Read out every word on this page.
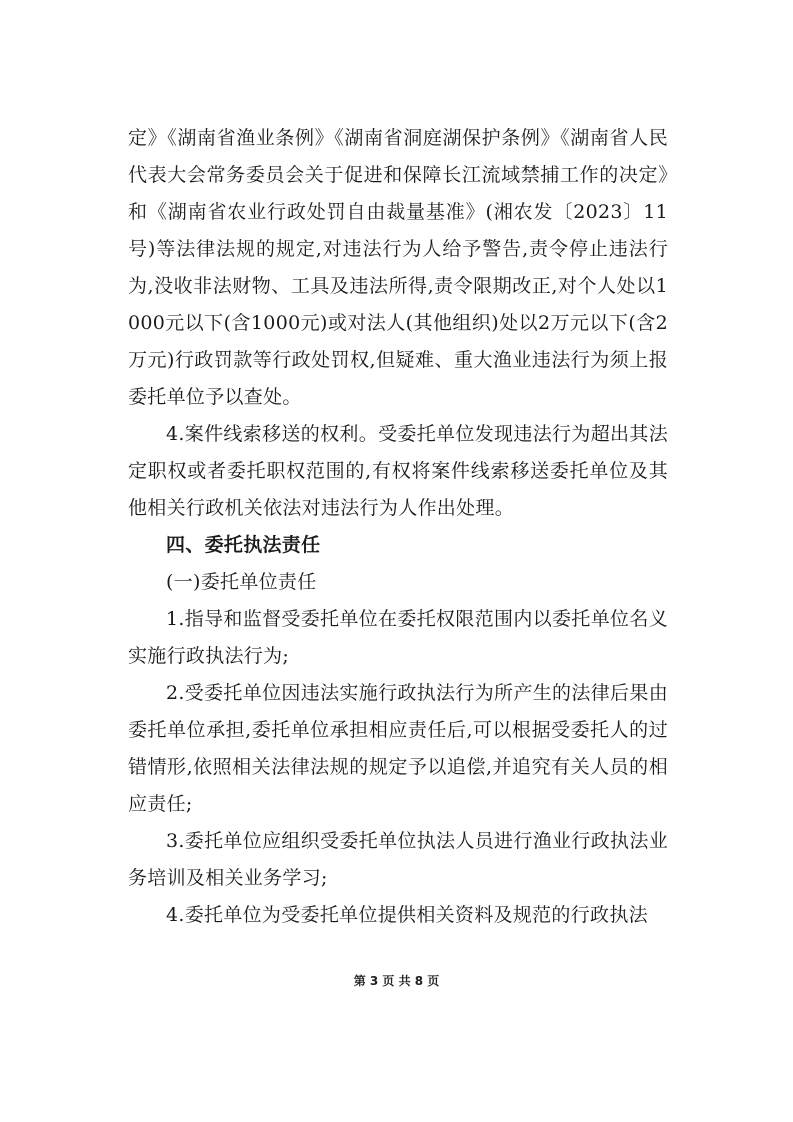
定》《湖南省渔业条例》《湖南省洞庭湖保护条例》《湖南省人民代表大会常务委员会关于促进和保障长江流域禁捕工作的决定》和《湖南省农业行政处罚自由裁量基准》(湘农发〔2023〕11号)等法律法规的规定,对违法行为人给予警告,责令停止违法行为,没收非法财物、工具及违法所得,责令限期改正,对个人处以1000元以下(含1000元)或对法人(其他组织)处以2万元以下(含2万元)行政罚款等行政处罚权,但疑难、重大渔业违法行为须上报委托单位予以查处。

4.案件线索移送的权利。受委托单位发现违法行为超出其法定职权或者委托职权范围的,有权将案件线索移送委托单位及其他相关行政机关依法对违法行为人作出处理。

四、委托执法责任

(一)委托单位责任

1.指导和监督受委托单位在委托权限范围内以委托单位名义实施行政执法行为;

2.受委托单位因违法实施行政执法行为所产生的法律后果由委托单位承担,委托单位承担相应责任后,可以根据受委托人的过错情形,依照相关法律法规的规定予以追偿,并追究有关人员的相应责任;

3.委托单位应组织受委托单位执法人员进行渔业行政执法业务培训及相关业务学习;

4.委托单位为受委托单位提供相关资料及规范的行政执法

第 3 页 共 8 页
